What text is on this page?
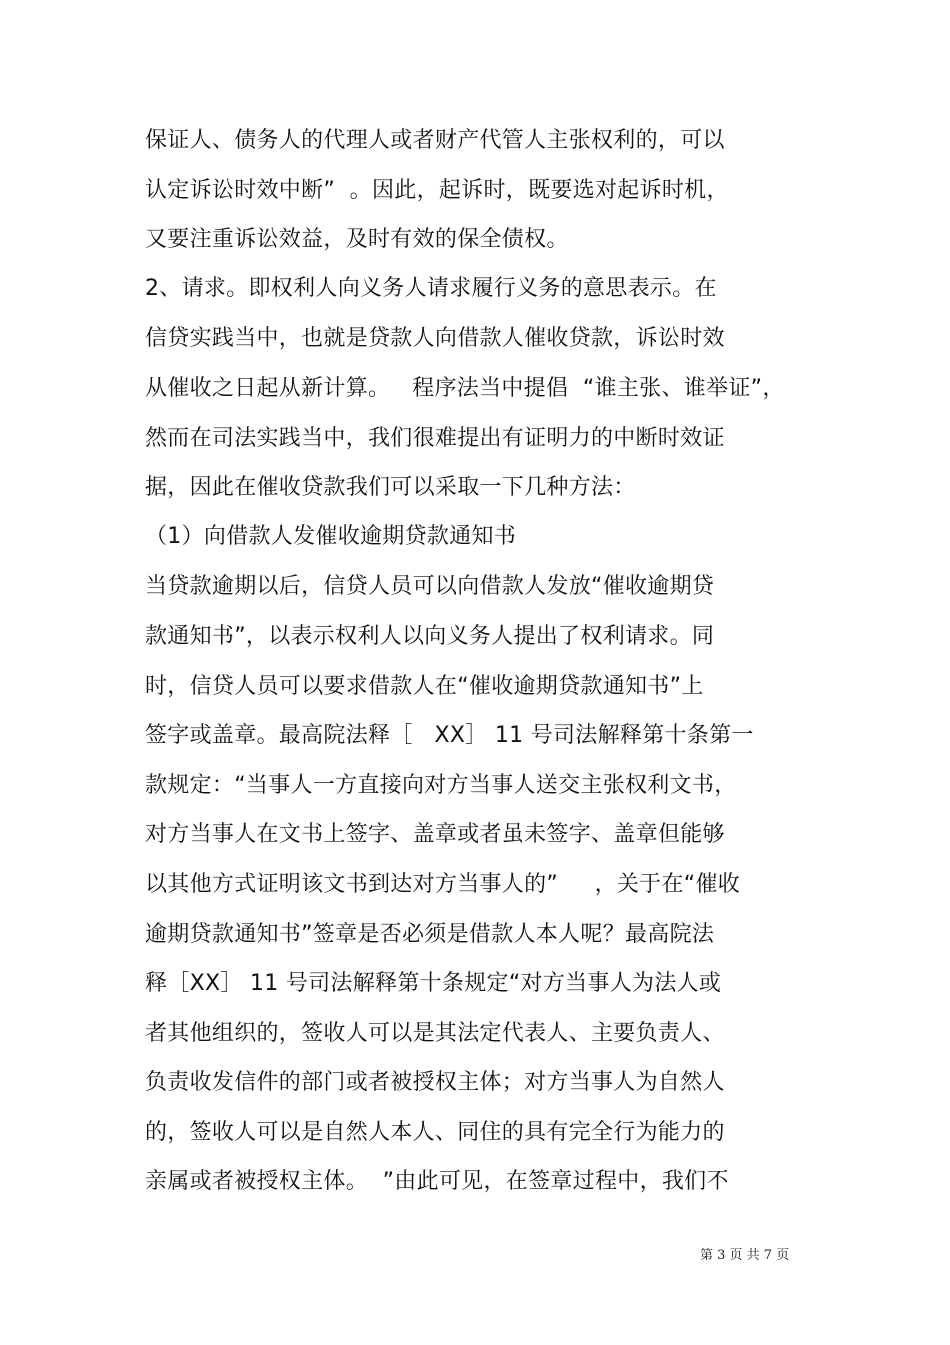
保证人、债务人的代理人或者财产代管人主张权利的，可以
认定诉讼时效中断”  。因此，起诉时，既要选对起诉时机，
又要注重诉讼效益，及时有效的保全债权。
2、请求。即权利人向义务人请求履行义务的意思表示。在
信贷实践当中，也就是贷款人向借款人催收贷款，诉讼时效
从催收之日起从新计算。   程序法当中提倡  “谁主张、谁举证”，
然而在司法实践当中，我们很难提出有证明力的中断时效证
据，因此在催收贷款我们可以采取一下几种方法：
（1）向借款人发催收逾期贷款通知书
当贷款逾期以后，信贷人员可以向借款人发放“催收逾期贷
款通知书”，以表示权利人以向义务人提出了权利请求。同
时，信贷人员可以要求借款人在“催收逾期贷款通知书”上
签字或盖章。最高院法释［   XX］ 11 号司法解释第十条第一
款规定：“当事人一方直接向对方当事人送交主张权利文书，
对方当事人在文书上签字、盖章或者虽未签字、盖章但能够
以其他方式证明该文书到达对方当事人的”     ，关于在“催收
逾期贷款通知书”签章是否必须是借款人本人呢？最高院法
释［XX］ 11 号司法解释第十条规定“对方当事人为法人或
者其他组织的，签收人可以是其法定代表人、主要负责人、
负责收发信件的部门或者被授权主体；对方当事人为自然人
的，签收人可以是自然人本人、同住的具有完全行为能力的
亲属或者被授权主体。  ”由此可见，在签章过程中，我们不
第 3 页 共 7 页
